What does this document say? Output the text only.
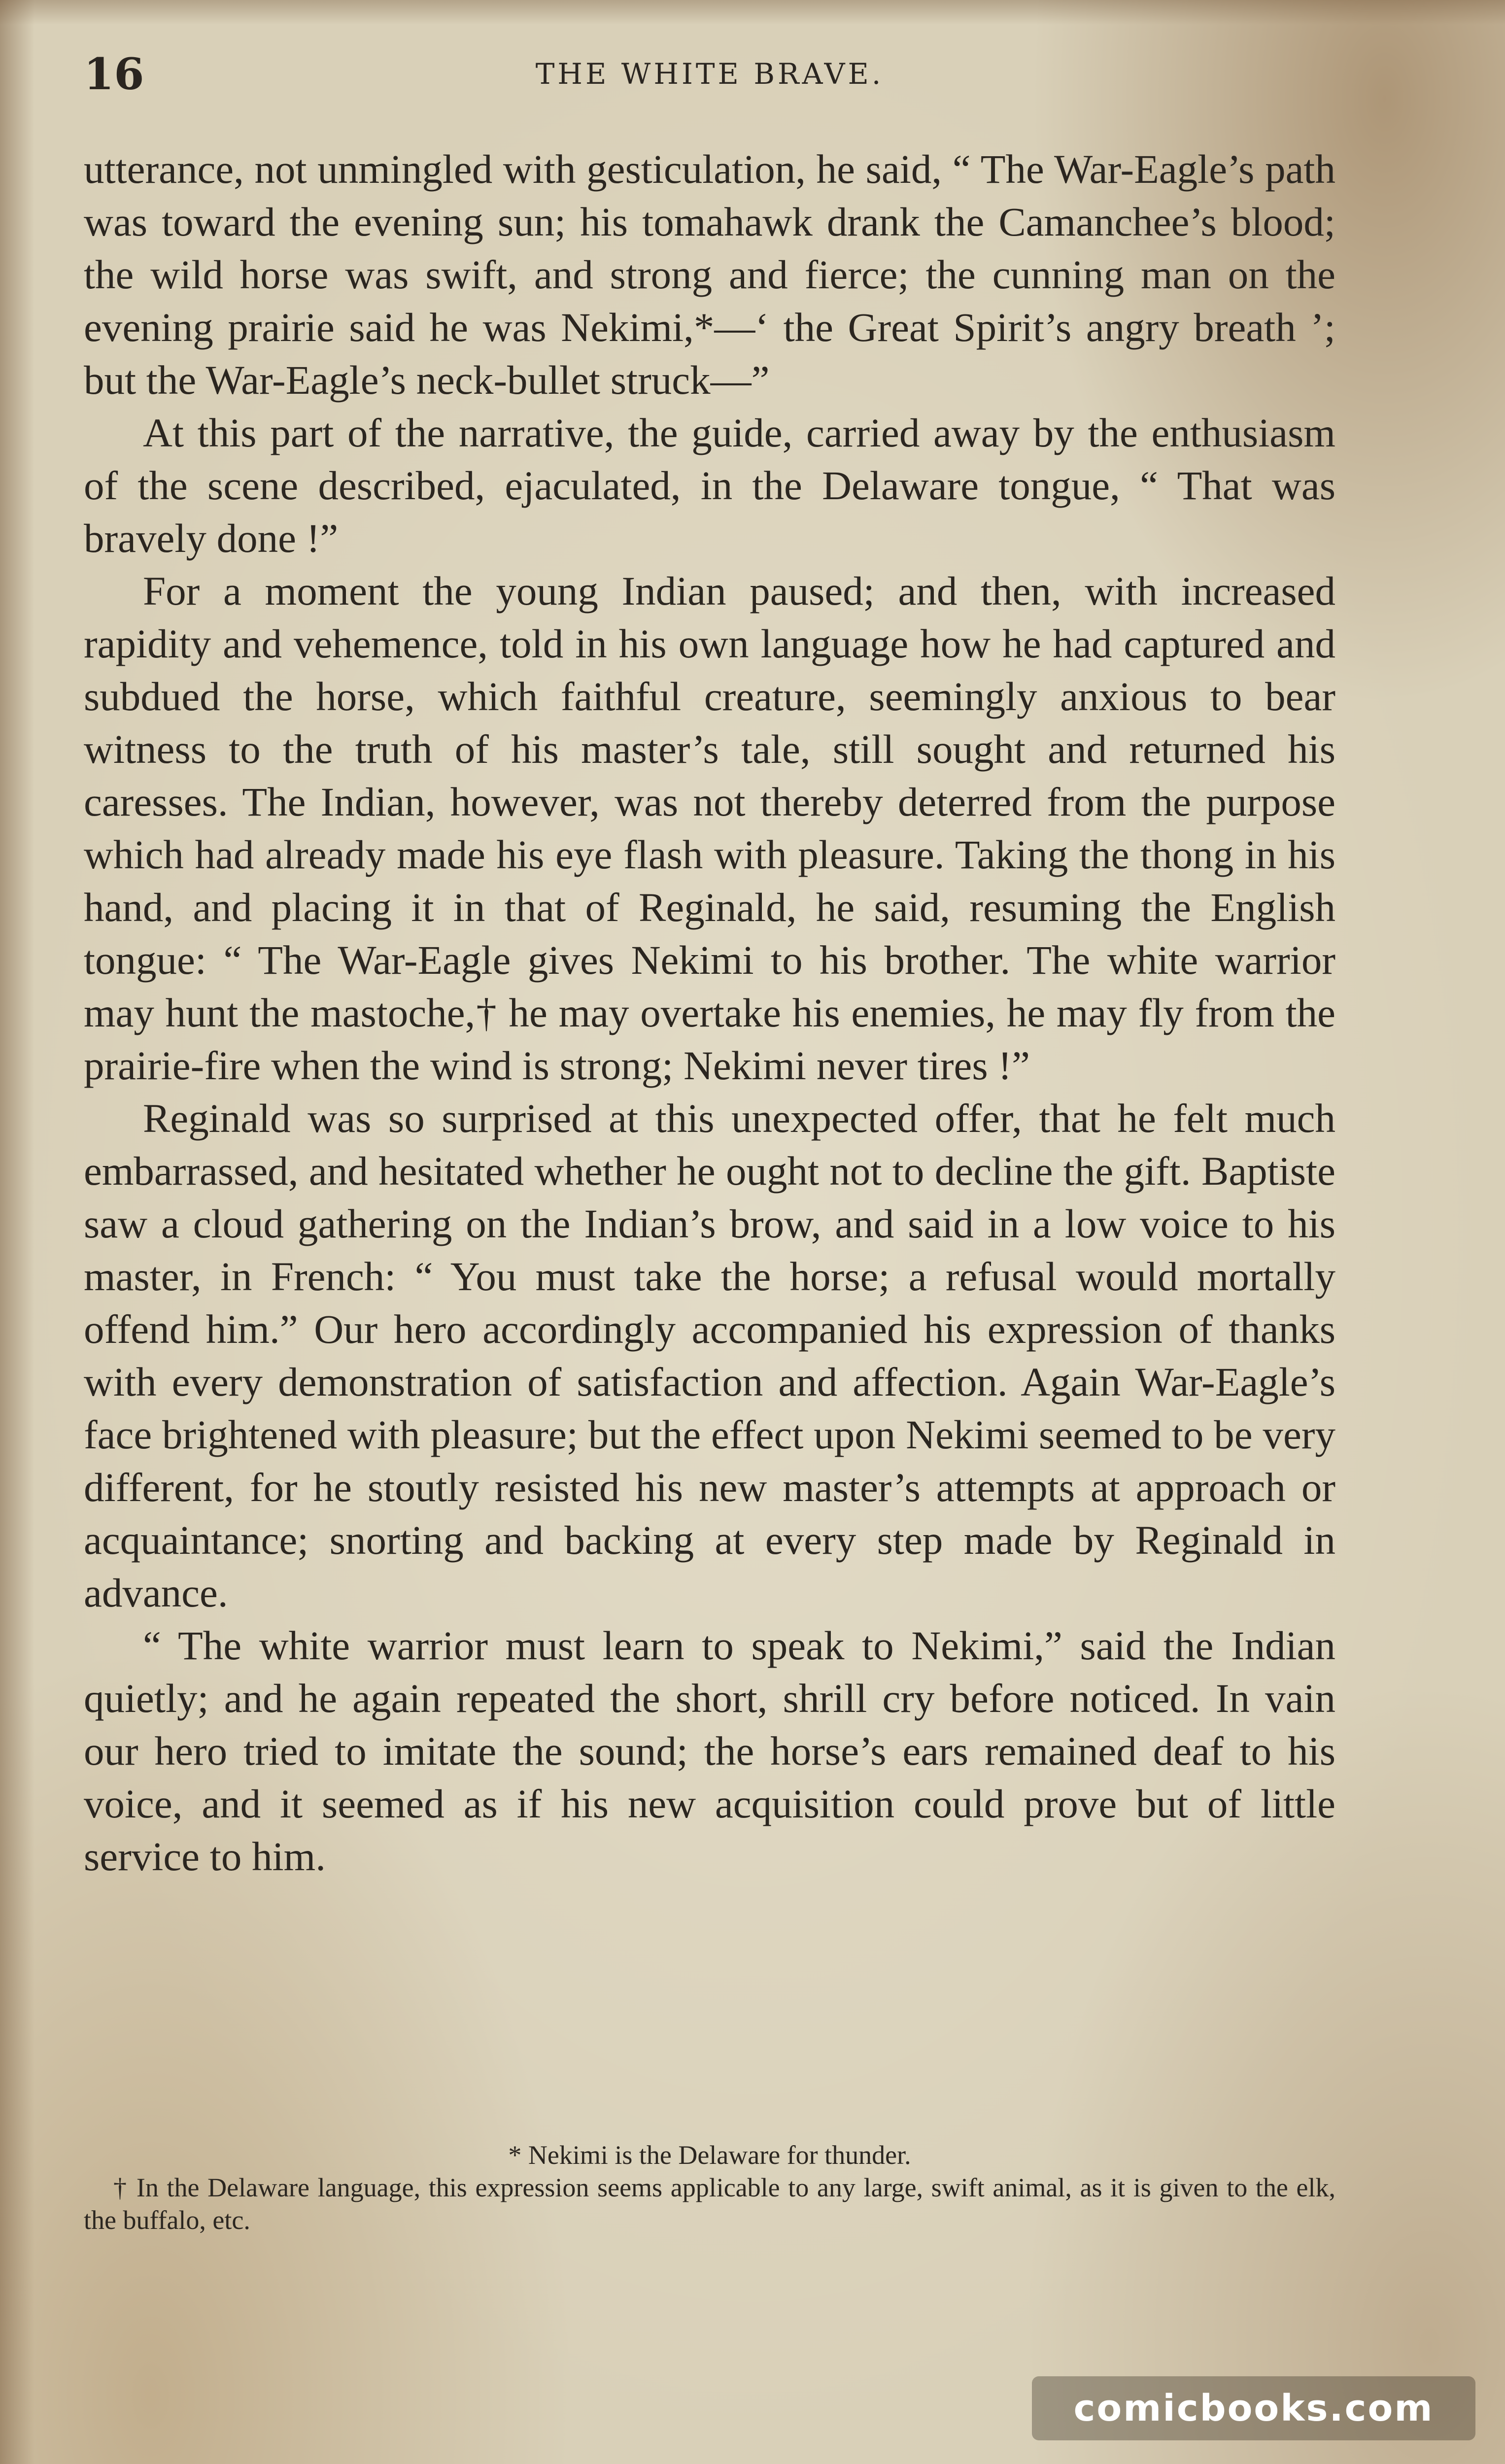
16	THE WHITE BRAVE.

utterance, not unmingled with gesticulation, he said, “ The War-Eagle’s path was toward the evening sun; his tomahawk drank the Camanchee’s blood; the wild horse was swift, and strong and fierce; the cunning man on the evening prairie said he was Nekimi,*—‘ the Great Spirit’s angry breath ’; but the War-Eagle’s neck-bullet struck—”

At this part of the narrative, the guide, carried away by the enthusiasm of the scene described, ejaculated, in the Delaware tongue, “ That was bravely done !”

For a moment the young Indian paused; and then, with increased rapidity and vehemence, told in his own language how he had captured and subdued the horse, which faithful creature, seemingly anxious to bear witness to the truth of his master’s tale, still sought and returned his caresses. The Indian, however, was not thereby deterred from the purpose which had already made his eye flash with pleasure. Taking the thong in his hand, and placing it in that of Reginald, he said, resuming the English tongue: “ The War-Eagle gives Nekimi to his brother. The white warrior may hunt the mastoche,† he may overtake his enemies, he may fly from the prairie-fire when the wind is strong; Nekimi never tires !”

Reginald was so surprised at this unexpected offer, that he felt much embarrassed, and hesitated whether he ought not to decline the gift. Baptiste saw a cloud gathering on the Indian’s brow, and said in a low voice to his master, in French: “ You must take the horse; a refusal would mortally offend him.” Our hero accordingly accompanied his expression of thanks with every demonstration of satisfaction and affection. Again War-Eagle’s face brightened with pleasure; but the effect upon Nekimi seemed to be very different, for he stoutly resisted his new master’s attempts at approach or acquaintance; snorting and backing at every step made by Reginald in advance.

“ The white warrior must learn to speak to Nekimi,” said the Indian quietly; and he again repeated the short, shrill cry before noticed. In vain our hero tried to imitate the sound; the horse’s ears remained deaf to his voice, and it seemed as if his new acquisition could prove but of little service to him.

* Nekimi is the Delaware for thunder.

† In the Delaware language, this expression seems applicable to any large, swift animal, as it is given to the elk, the buffalo, etc.

comicbooks.com
